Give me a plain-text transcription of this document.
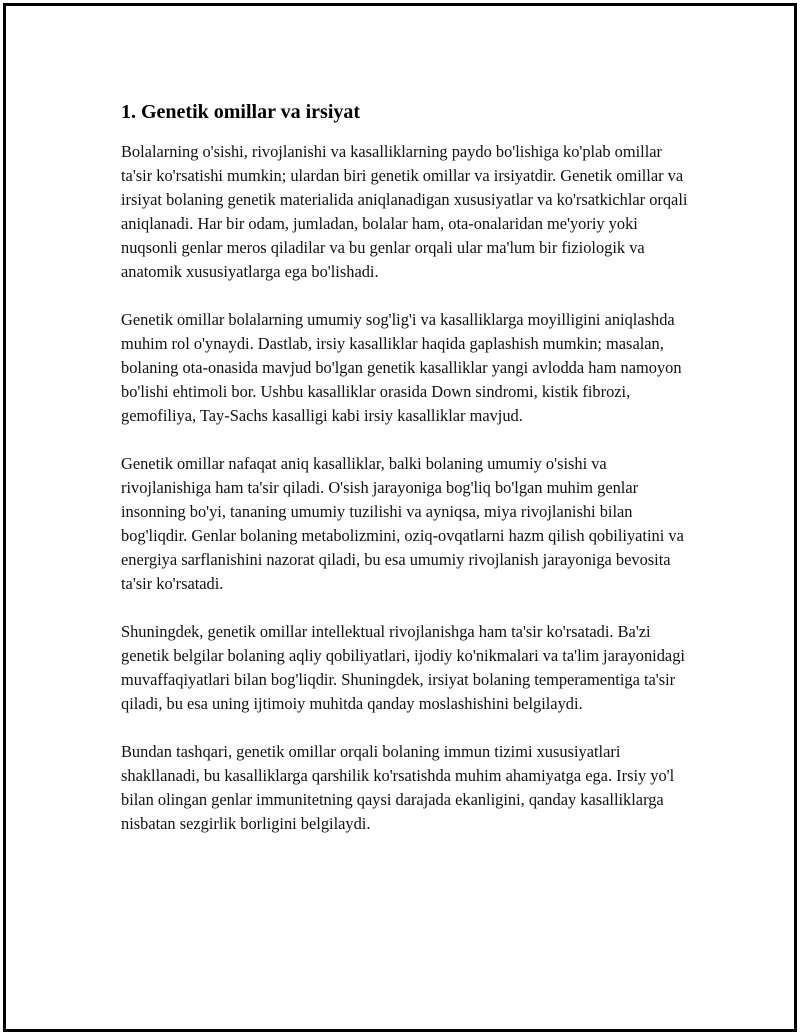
1. Genetik omillar va irsiyat

Bolalarning o'sishi, rivojlanishi va kasalliklarning paydo bo'lishiga ko'plab omillar ta'sir ko'rsatishi mumkin; ulardan biri genetik omillar va irsiyatdir. Genetik omillar va irsiyat bolaning genetik materialida aniqlanadigan xususiyatlar va ko'rsatkichlar orqali aniqlanadi. Har bir odam, jumladan, bolalar ham, ota-onalaridan me'yoriy yoki nuqsonli genlar meros qiladilar va bu genlar orqali ular ma'lum bir fiziologik va anatomik xususiyatlarga ega bo'lishadi.

Genetik omillar bolalarning umumiy sog'lig'i va kasalliklarga moyilligini aniqlashda muhim rol o'ynaydi. Dastlab, irsiy kasalliklar haqida gaplashish mumkin; masalan, bolaning ota-onasida mavjud bo'lgan genetik kasalliklar yangi avlodda ham namoyon bo'lishi ehtimoli bor. Ushbu kasalliklar orasida Down sindromi, kistik fibrozi, gemofiliya, Tay-Sachs kasalligi kabi irsiy kasalliklar mavjud.

Genetik omillar nafaqat aniq kasalliklar, balki bolaning umumiy o'sishi va rivojlanishiga ham ta'sir qiladi. O'sish jarayoniga bog'liq bo'lgan muhim genlar insonning bo'yi, tananing umumiy tuzilishi va ayniqsa, miya rivojlanishi bilan bog'liqdir. Genlar bolaning metabolizmini, oziq-ovqatlarni hazm qilish qobiliyatini va energiya sarflanishini nazorat qiladi, bu esa umumiy rivojlanish jarayoniga bevosita ta'sir ko'rsatadi.

Shuningdek, genetik omillar intellektual rivojlanishga ham ta'sir ko'rsatadi. Ba'zi genetik belgilar bolaning aqliy qobiliyatlari, ijodiy ko'nikmalari va ta'lim jarayonidagi muvaffaqiyatlari bilan bog'liqdir. Shuningdek, irsiyat bolaning temperamentiga ta'sir qiladi, bu esa uning ijtimoiy muhitda qanday moslashishini belgilaydi.

Bundan tashqari, genetik omillar orqali bolaning immun tizimi xususiyatlari shakllanadi, bu kasalliklarga qarshilik ko'rsatishda muhim ahamiyatga ega. Irsiy yo'l bilan olingan genlar immunitetning qaysi darajada ekanligini, qanday kasalliklarga nisbatan sezgirlik borligini belgilaydi.
